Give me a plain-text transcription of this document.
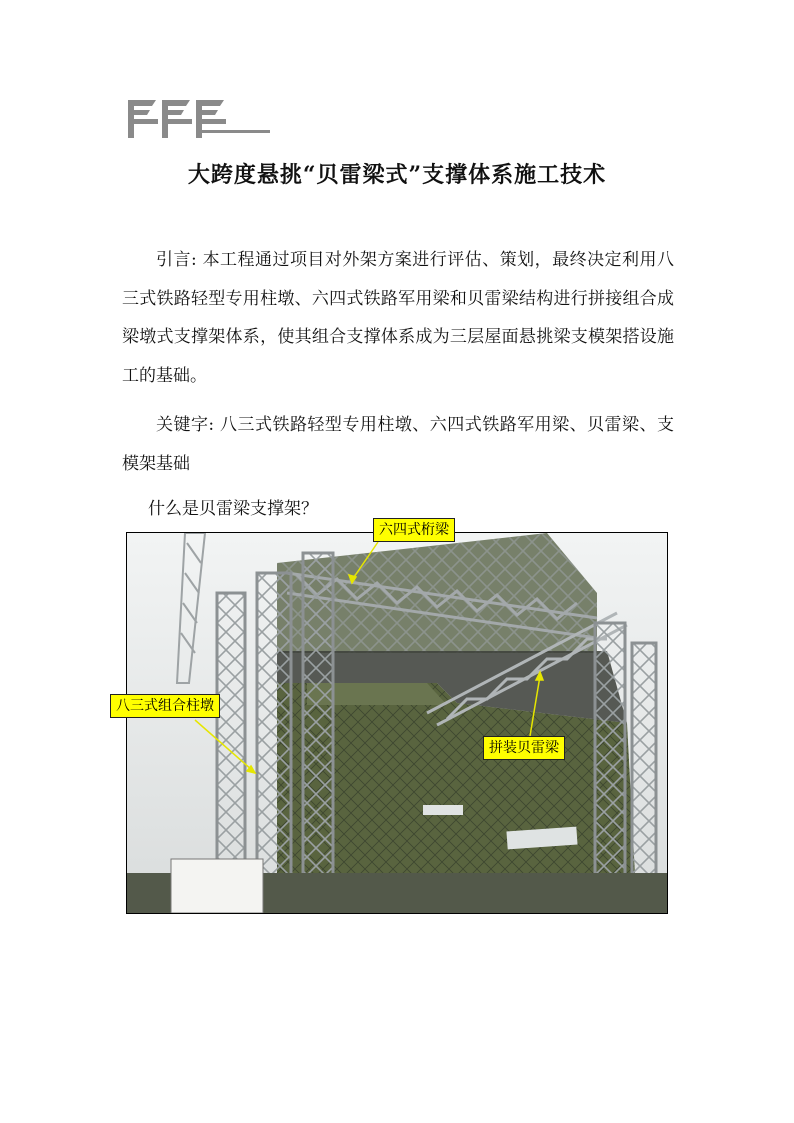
大跨度悬挑“贝雷梁式”支撑体系施工技术
引言: 本工程通过项目对外架方案进行评估、策划，最终决定利用八三式铁路轻型专用柱墩、六四式铁路军用梁和贝雷梁结构进行拼接组合成梁墩式支撑架体系，使其组合支撑体系成为三层屋面悬挑梁支模架搭设施工的基础。
关键字: 八三式铁路轻型专用柱墩、六四式铁路军用梁、贝雷梁、支模架基础
什么是贝雷梁支撑架？
六四式桁梁
八三式组合柱墩
拼装贝雷梁
